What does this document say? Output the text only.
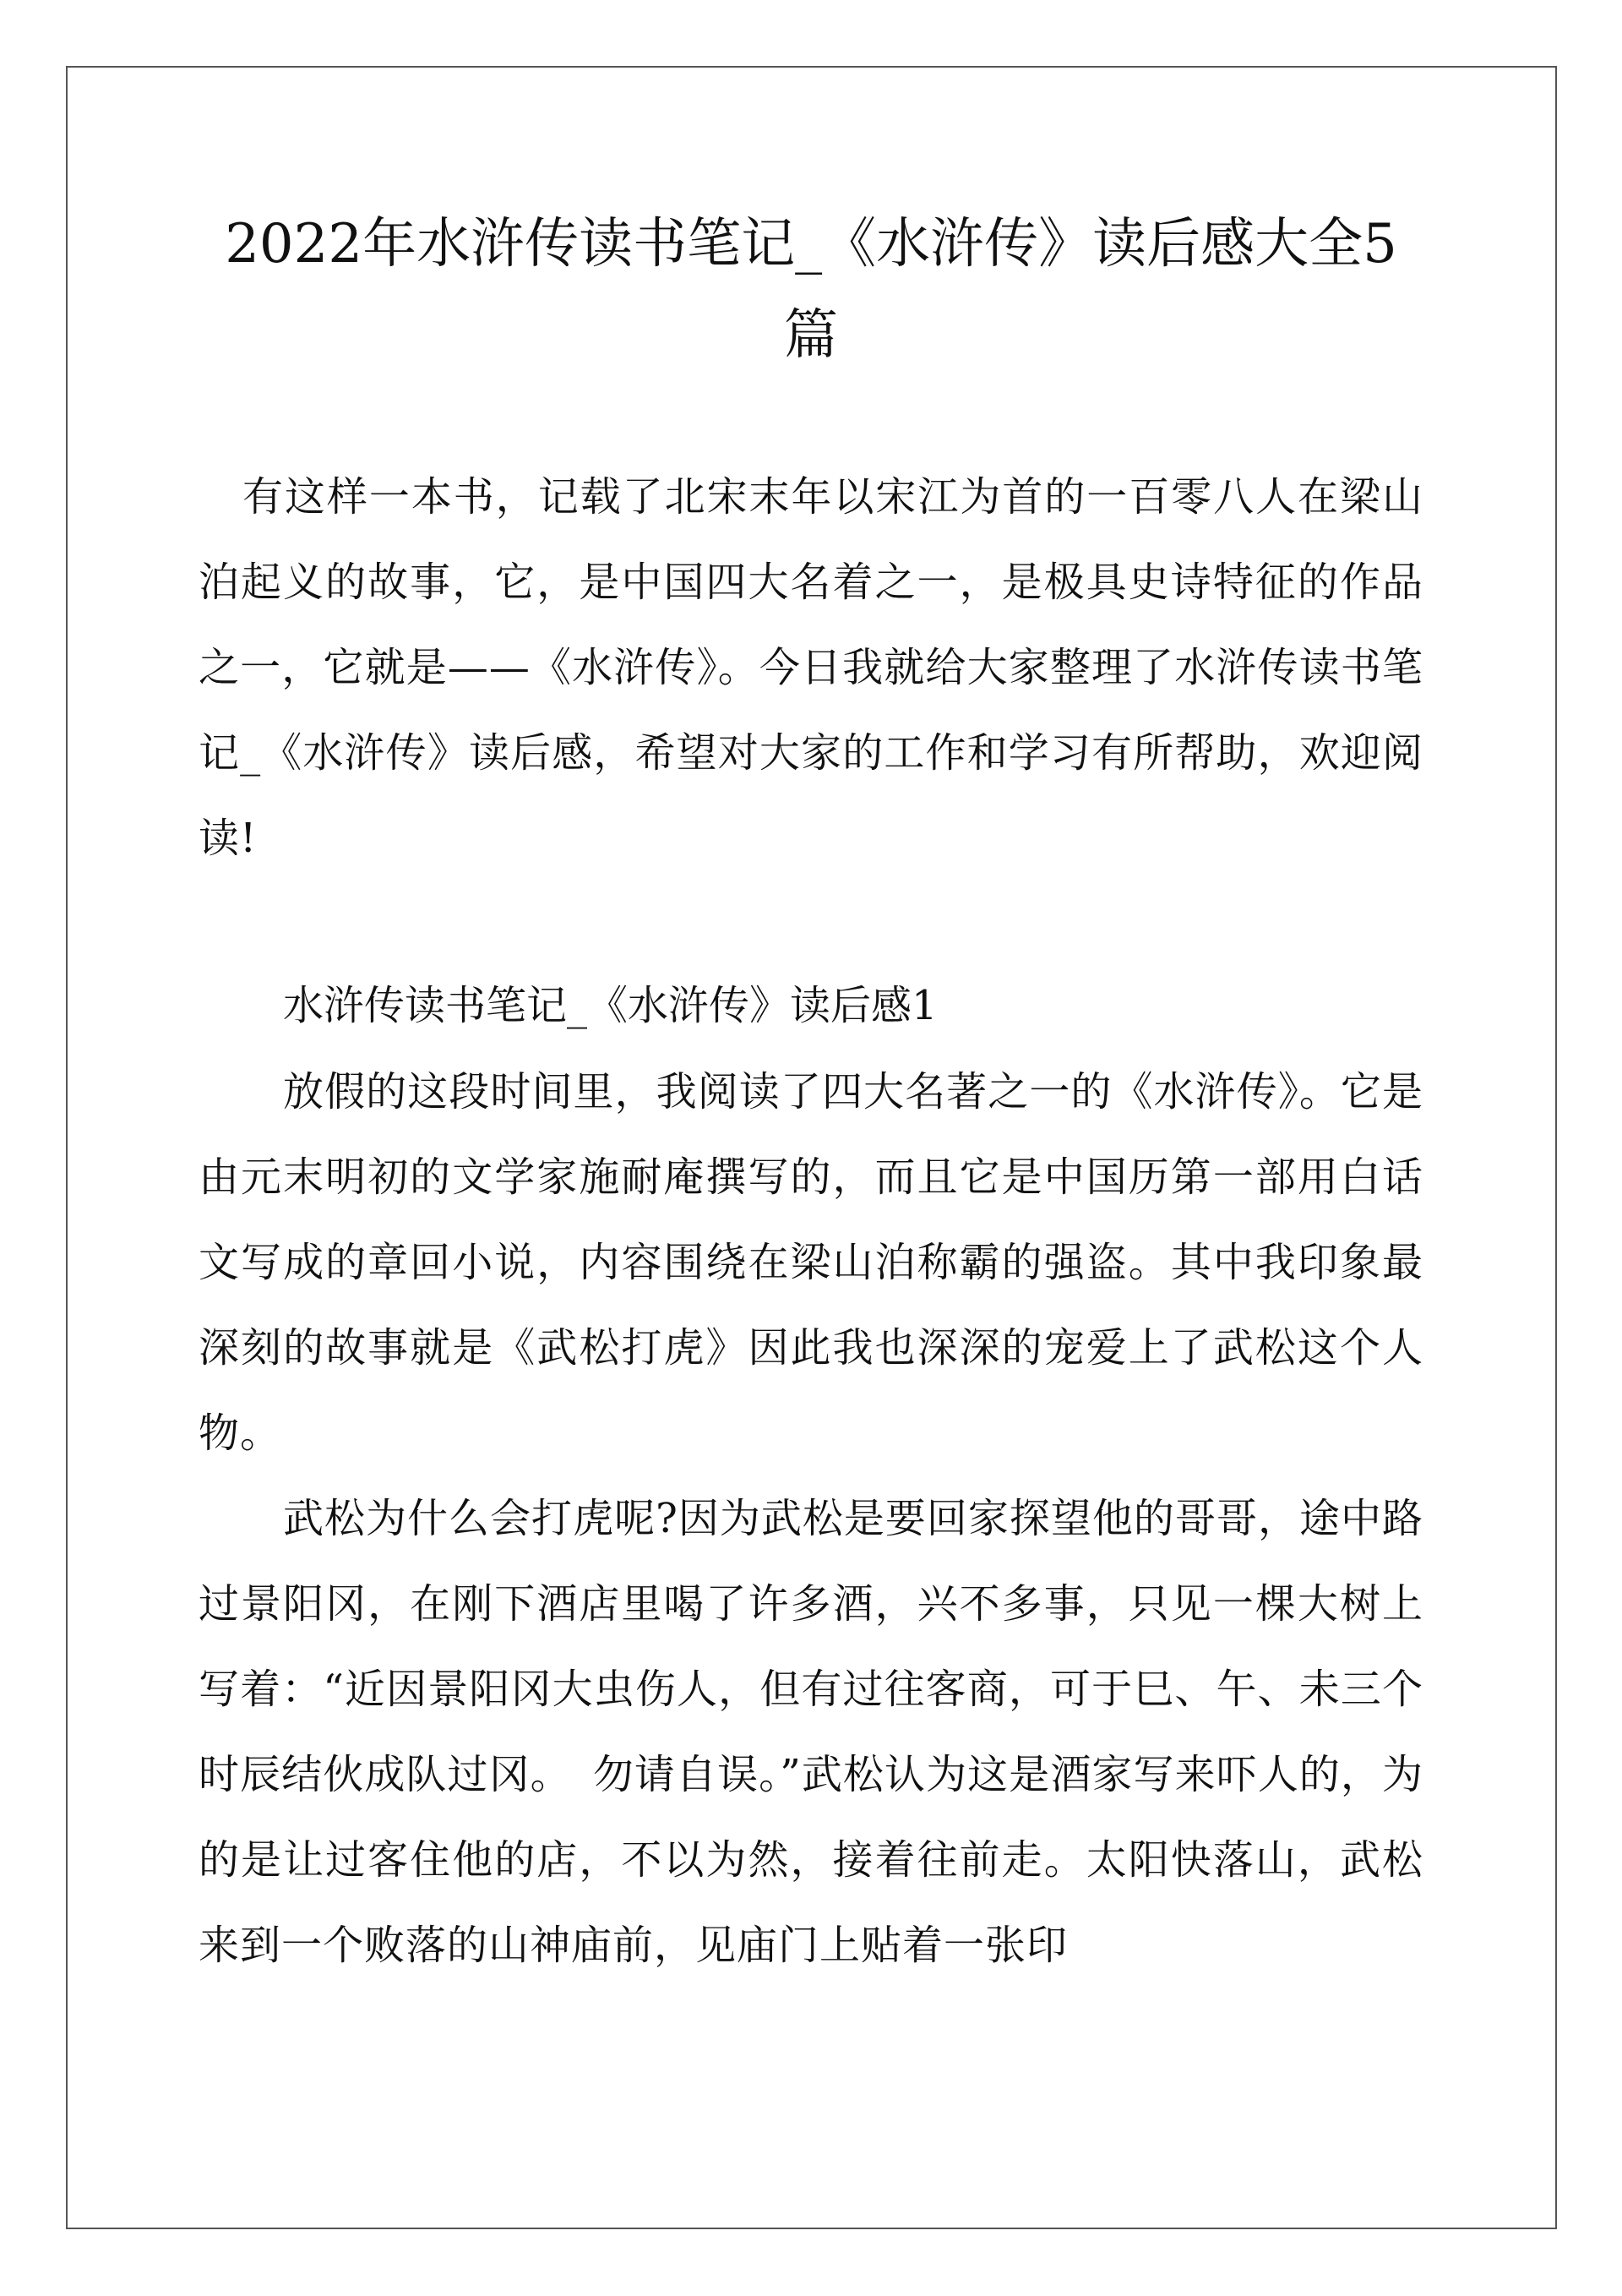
2022年水浒传读书笔记_《水浒传》读后感大全5篇

有这样一本书，记载了北宋末年以宋江为首的一百零八人在梁山泊起义的故事，它，是中国四大名着之一，是极具史诗特征的作品之一，它就是——《水浒传》。今日我就给大家整理了水浒传读书笔记_《水浒传》读后感，希望对大家的工作和学习有所帮助，欢迎阅读!

水浒传读书笔记_《水浒传》读后感1

放假的这段时间里，我阅读了四大名著之一的《水浒传》。它是由元末明初的文学家施耐庵撰写的，而且它是中国历第一部用白话文写成的章回小说，内容围绕在梁山泊称霸的强盗。其中我印象最深刻的故事就是《武松打虎》因此我也深深的宠爱上了武松这个人物。

武松为什么会打虎呢?因为武松是要回家探望他的哥哥，途中路过景阳冈，在刚下酒店里喝了许多酒，兴不多事，只见一棵大树上写着：“近因景阳冈大虫伤人，但有过往客商，可于巳、午、未三个时辰结伙成队过冈。　勿请自误。”武松认为这是酒家写来吓人的，为的是让过客住他的店，不以为然，接着往前走。太阳快落山，武松来到一个败落的山神庙前，见庙门上贴着一张印
